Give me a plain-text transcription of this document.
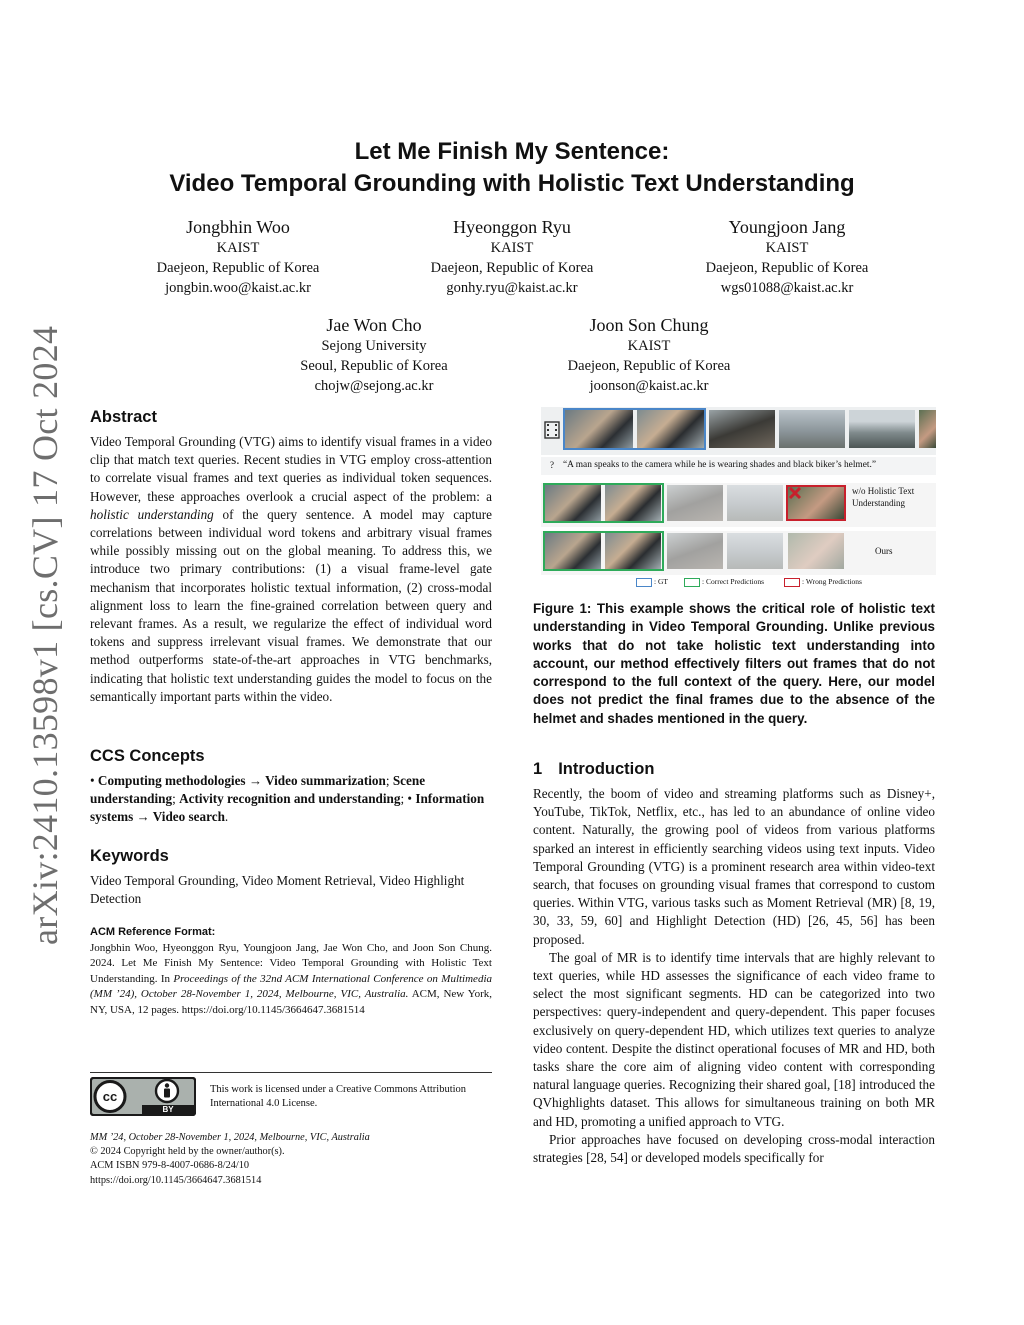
arXiv:2410.13598v1 [cs.CV] 17 Oct 2024
Let Me Finish My Sentence:
Video Temporal Grounding with Holistic Text Understanding
Jongbhin Woo
KAIST
Daejeon, Republic of Korea
jongbin.woo@kaist.ac.kr
Hyeonggon Ryu
KAIST
Daejeon, Republic of Korea
gonhy.ryu@kaist.ac.kr
Youngjoon Jang
KAIST
Daejeon, Republic of Korea
wgs01088@kaist.ac.kr
Jae Won Cho
Sejong University
Seoul, Republic of Korea
chojw@sejong.ac.kr
Joon Son Chung
KAIST
Daejeon, Republic of Korea
joonson@kaist.ac.kr
Abstract

Video Temporal Grounding (VTG) aims to identify visual frames in a video clip that match text queries. Recent studies in VTG employ cross-attention to correlate visual frames and text queries as individual token sequences. However, these approaches overlook a crucial aspect of the problem: a holistic understanding of the query sentence. A model may capture correlations between individual word tokens and arbitrary visual frames while possibly missing out on the global meaning. To address this, we introduce two primary contributions: (1) a visual frame-level gate mechanism that incorporates holistic textual information, (2) cross-modal alignment loss to learn the fine-grained correlation between query and relevant frames. As a result, we regularize the effect of individual word tokens and suppress irrelevant visual frames. We demonstrate that our method outperforms state-of-the-art approaches in VTG benchmarks, indicating that holistic text understanding guides the model to focus on the semantically important parts within the video.

CCS Concepts

• Computing methodologies → Video summarization; Scene understanding; Activity recognition and understanding; • Information systems → Video search.

Keywords

Video Temporal Grounding, Video Moment Retrieval, Video Highlight Detection

ACM Reference Format:

Jongbhin Woo, Hyeonggon Ryu, Youngjoon Jang, Jae Won Cho, and Joon Son Chung. 2024. Let Me Finish My Sentence: Video Temporal Grounding with Holistic Text Understanding. In Proceedings of the 32nd ACM International Conference on Multimedia (MM ’24), October 28-November 1, 2024, Melbourne, VIC, Australia. ACM, New York, NY, USA, 12 pages. https://doi.org/10.1145/3664647.3681514

cc
BY
This work is licensed under a Creative Commons Attribution International 4.0 License.
MM ’24, October 28-November 1, 2024, Melbourne, VIC, Australia
© 2024 Copyright held by the owner/author(s).
ACM ISBN 979-8-4007-0686-8/24/10
https://doi.org/10.1145/3664647.3681514
? “A man speaks to the camera while he is wearing shades and black biker’s helmet.”
w/o Holistic Text Understanding
Ours
: GT	: Correct Predictions	: Wrong Predictions
Figure 1: This example shows the critical role of holistic text understanding in Video Temporal Grounding. Unlike previous works that do not take holistic text understanding into account, our method effectively filters out frames that do not correspond to the full context of the query. Here, our model does not predict the final frames due to the absence of the helmet and shades mentioned in the query.
1 Introduction

Recently, the boom of video and streaming platforms such as Disney+, YouTube, TikTok, Netflix, etc., has led to an abundance of online video content. Naturally, the growing pool of videos from various platforms sparked an interest in efficiently searching videos using text inputs. Video Temporal Grounding (VTG) is a prominent research area within video-text search, that focuses on grounding visual frames that correspond to custom queries. Within VTG, various tasks such as Moment Retrieval (MR) [8, 19, 30, 33, 59, 60] and Highlight Detection (HD) [26, 45, 56] has been proposed.

The goal of MR is to identify time intervals that are highly relevant to text queries, while HD assesses the significance of each video frame to select the most significant segments. HD can be categorized into two perspectives: query-independent and query-dependent. This paper focuses exclusively on query-dependent HD, which utilizes text queries to analyze video content. Despite the distinct operational focuses of MR and HD, both tasks share the core aim of aligning video content with corresponding natural language queries. Recognizing their shared goal, [18] introduced the QVhighlights dataset. This allows for simultaneous training on both MR and HD, promoting a unified approach to VTG.

Prior approaches have focused on developing cross-modal interaction strategies [28, 54] or developed models specifically for
